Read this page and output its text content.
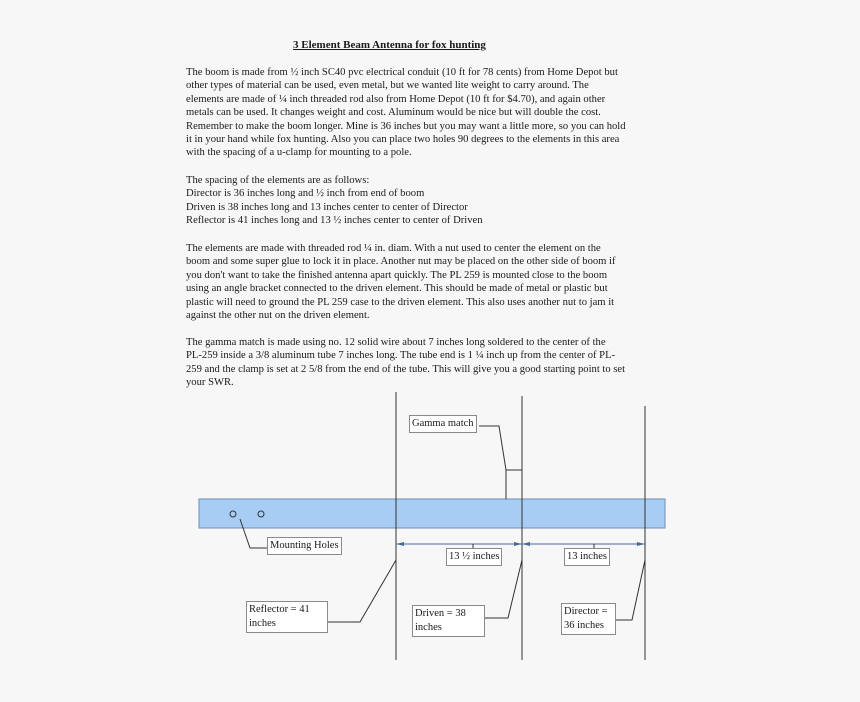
3 Element Beam Antenna for fox hunting

The boom is made from ½ inch SC40 pvc electrical conduit (10 ft for 78 cents) from Home Depot but
other types of material can be used, even metal, but we wanted lite weight to carry around. The
elements are made of ¼ inch threaded rod also from Home Depot (10 ft for $4.70), and again other
metals can be used. It changes weight and cost. Aluminum would be nice but will double the cost.
Remember to make the boom longer. Mine is 36 inches but you may want a little more, so you can hold
it in your hand while fox hunting. Also you can place two holes 90 degrees to the elements in this area
with the spacing of a u-clamp for mounting to a pole.

The spacing of the elements are as follows:
Director is 36 inches long and ½ inch from end of boom
Driven is 38 inches long and 13 inches center to center of Director
Reflector is 41 inches long and 13 ½ inches center to center of Driven

The elements are made with threaded rod ¼ in. diam. With a nut used to center the element on the
boom and some super glue to lock it in place. Another nut may be placed on the other side of boom if
you don't want to take the finished antenna apart quickly. The PL 259 is mounted close to the boom
using an angle bracket connected to the driven element. This should be made of metal or plastic but
plastic will need to ground the PL 259 case to the driven element. This also uses another nut to jam it
against the other nut on the driven element.

The gamma match is made using no. 12 solid wire about 7 inches long soldered to the center of the
PL-259 inside a 3/8 aluminum tube 7 inches long. The tube end is 1 ¼ inch up from the center of PL-
259 and the clamp is set at 2 5/8 from the end of the tube. This will give you a good starting point to set
your SWR.

Gamma match
Mounting Holes
13 ½ inches	13 inches
Reflector = 41
inches
Driven = 38
inches
Director =
36 inches
